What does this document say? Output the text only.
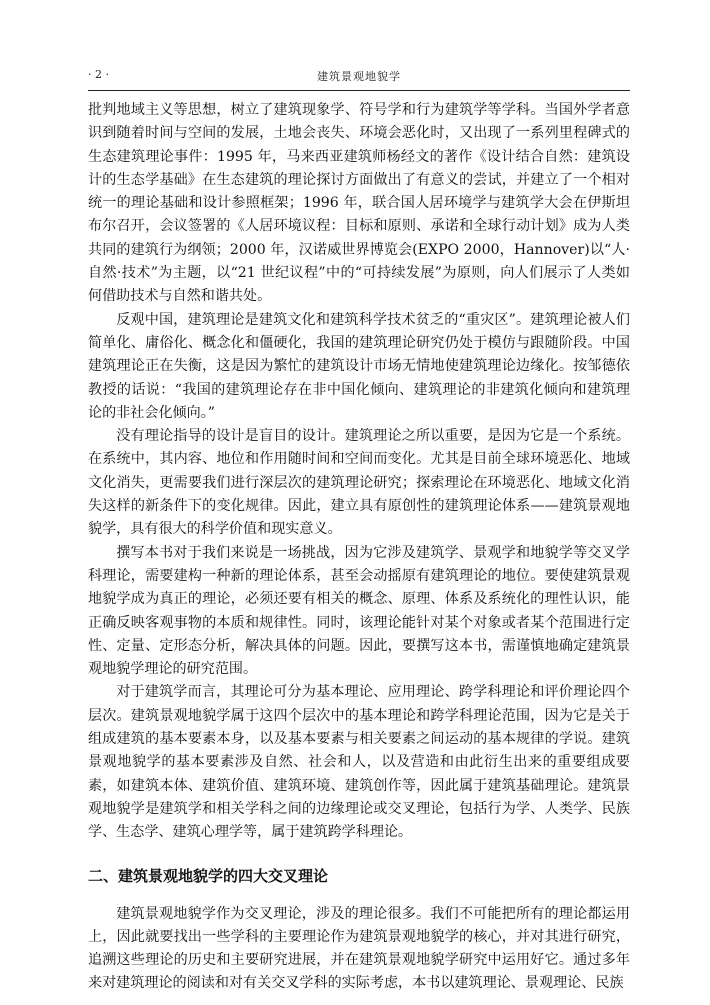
· 2 ·	建筑景观地貌学

批判地域主义等思想，树立了建筑现象学、符号学和行为建筑学等学科。当国外学者意识到随着时间与空间的发展，土地会丧失、环境会恶化时，又出现了一系列里程碑式的生态建筑理论事件：1995 年，马来西亚建筑师杨经文的著作《设计结合自然：建筑设计的生态学基础》在生态建筑的理论探讨方面做出了有意义的尝试，并建立了一个相对统一的理论基础和设计参照框架；1996 年，联合国人居环境学与建筑学大会在伊斯坦布尔召开，会议签署的《人居环境议程：目标和原则、承诺和全球行动计划》成为人类共同的建筑行为纲领；2000 年，汉诺威世界博览会(EXPO 2000，Hannover)以“人·自然·技术”为主题，以“21 世纪议程”中的“可持续发展”为原则，向人们展示了人类如何借助技术与自然和谐共处。

反观中国，建筑理论是建筑文化和建筑科学技术贫乏的“重灾区”。建筑理论被人们简单化、庸俗化、概念化和僵硬化，我国的建筑理论研究仍处于模仿与跟随阶段。中国建筑理论正在失衡，这是因为繁忙的建筑设计市场无情地使建筑理论边缘化。按邹德依教授的话说：“我国的建筑理论存在非中国化倾向、建筑理论的非建筑化倾向和建筑理论的非社会化倾向。”

没有理论指导的设计是盲目的设计。建筑理论之所以重要，是因为它是一个系统。在系统中，其内容、地位和作用随时间和空间而变化。尤其是目前全球环境恶化、地域文化消失，更需要我们进行深层次的建筑理论研究；探索理论在环境恶化、地域文化消失这样的新条件下的变化规律。因此，建立具有原创性的建筑理论体系——建筑景观地貌学，具有很大的科学价值和现实意义。

撰写本书对于我们来说是一场挑战，因为它涉及建筑学、景观学和地貌学等交叉学科理论，需要建构一种新的理论体系，甚至会动摇原有建筑理论的地位。要使建筑景观地貌学成为真正的理论，必须还要有相关的概念、原理、体系及系统化的理性认识，能正确反映客观事物的本质和规律性。同时，该理论能针对某个对象或者某个范围进行定性、定量、定形态分析，解决具体的问题。因此，要撰写这本书，需谨慎地确定建筑景观地貌学理论的研究范围。

对于建筑学而言，其理论可分为基本理论、应用理论、跨学科理论和评价理论四个层次。建筑景观地貌学属于这四个层次中的基本理论和跨学科理论范围，因为它是关于组成建筑的基本要素本身，以及基本要素与相关要素之间运动的基本规律的学说。建筑景观地貌学的基本要素涉及自然、社会和人，以及营造和由此衍生出来的重要组成要素，如建筑本体、建筑价值、建筑环境、建筑创作等，因此属于建筑基础理论。建筑景观地貌学是建筑学和相关学科之间的边缘理论或交叉理论，包括行为学、人类学、民族学、生态学、建筑心理学等，属于建筑跨学科理论。

二、建筑景观地貌学的四大交叉理论

建筑景观地貌学作为交叉理论，涉及的理论很多。我们不可能把所有的理论都运用上，因此就要找出一些学科的主要理论作为建筑景观地貌学的核心，并对其进行研究，追溯这些理论的历史和主要研究进展，并在建筑景观地貌学研究中运用好它。通过多年来对建筑理论的阅读和对有关交叉学科的实际考虑，本书以建筑理论、景观理论、民族
